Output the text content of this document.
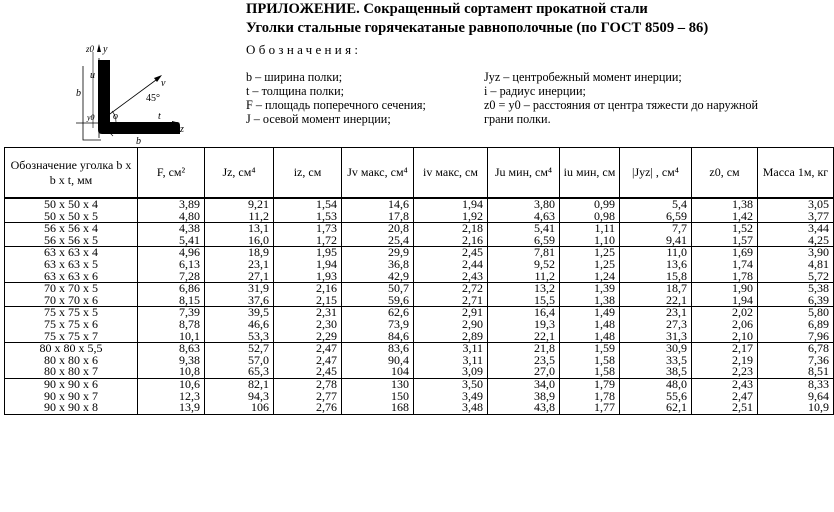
ПРИЛОЖЕНИЕ. Сокращенный сортамент прокатной стали
Уголки стальные горячекатаные равнополочные (по ГОСТ 8509 – 86)
Обозначения:
b – ширина полки;
t – толщина полки;
F – площадь поперечного сечения;
J – осевой момент инерции;
Jyz – центробежный момент инерции;
i – радиус инерции;
z0 = y0 – расстояния от центра тяжести до наружной
грани полки.
z0 y
u
v
b	45°
o	t
z
y0
b
Обозначение уголка b x b x t, мм	F, см²	Jz, см⁴	iz, см	Jv макс, см⁴	iv макс, см	Ju мин, см⁴	iu мин, см	|Jyz| , см⁴	z0, см	Масса 1м, кг
50 х 50 х 4	3,89	9,21	1,54	14,6	1,94	3,80	0,99	5,4	1,38	3,05
50 х 50 х 5	4,80	11,2	1,53	17,8	1,92	4,63	0,98	6,59	1,42	3,77
56 х 56 х 4	4,38	13,1	1,73	20,8	2,18	5,41	1,11	7,7	1,52	3,44
56 х 56 х 5	5,41	16,0	1,72	25,4	2,16	6,59	1,10	9,41	1,57	4,25
63 х 63 х 4	4,96	18,9	1,95	29,9	2,45	7,81	1,25	11,0	1,69	3,90
63 х 63 х 5	6,13	23,1	1,94	36,8	2,44	9,52	1,25	13,6	1,74	4,81
63 х 63 х 6	7,28	27,1	1,93	42,9	2,43	11,2	1,24	15,8	1,78	5,72
70 х 70 х 5	6,86	31,9	2,16	50,7	2,72	13,2	1,39	18,7	1,90	5,38
70 х 70 х 6	8,15	37,6	2,15	59,6	2,71	15,5	1,38	22,1	1,94	6,39
75 х 75 х 5	7,39	39,5	2,31	62,6	2,91	16,4	1,49	23,1	2,02	5,80
75 х 75 х 6	8,78	46,6	2,30	73,9	2,90	19,3	1,48	27,3	2,06	6,89
75 х 75 х 7	10,1	53,3	2,29	84,6	2,89	22,1	1,48	31,3	2,10	7,96
80 х 80 х 5,5	8,63	52,7	2,47	83,6	3,11	21,8	1,59	30,9	2,17	6,78
80 х 80 х 6	9,38	57,0	2,47	90,4	3,11	23,5	1,58	33,5	2,19	7,36
80 х 80 х 7	10,8	65,3	2,45	104	3,09	27,0	1,58	38,5	2,23	8,51
90 х 90 х 6	10,6	82,1	2,78	130	3,50	34,0	1,79	48,0	2,43	8,33
90 х 90 х 7	12,3	94,3	2,77	150	3,49	38,9	1,78	55,6	2,47	9,64
90 х 90 х 8	13,9	106	2,76	168	3,48	43,8	1,77	62,1	2,51	10,9
